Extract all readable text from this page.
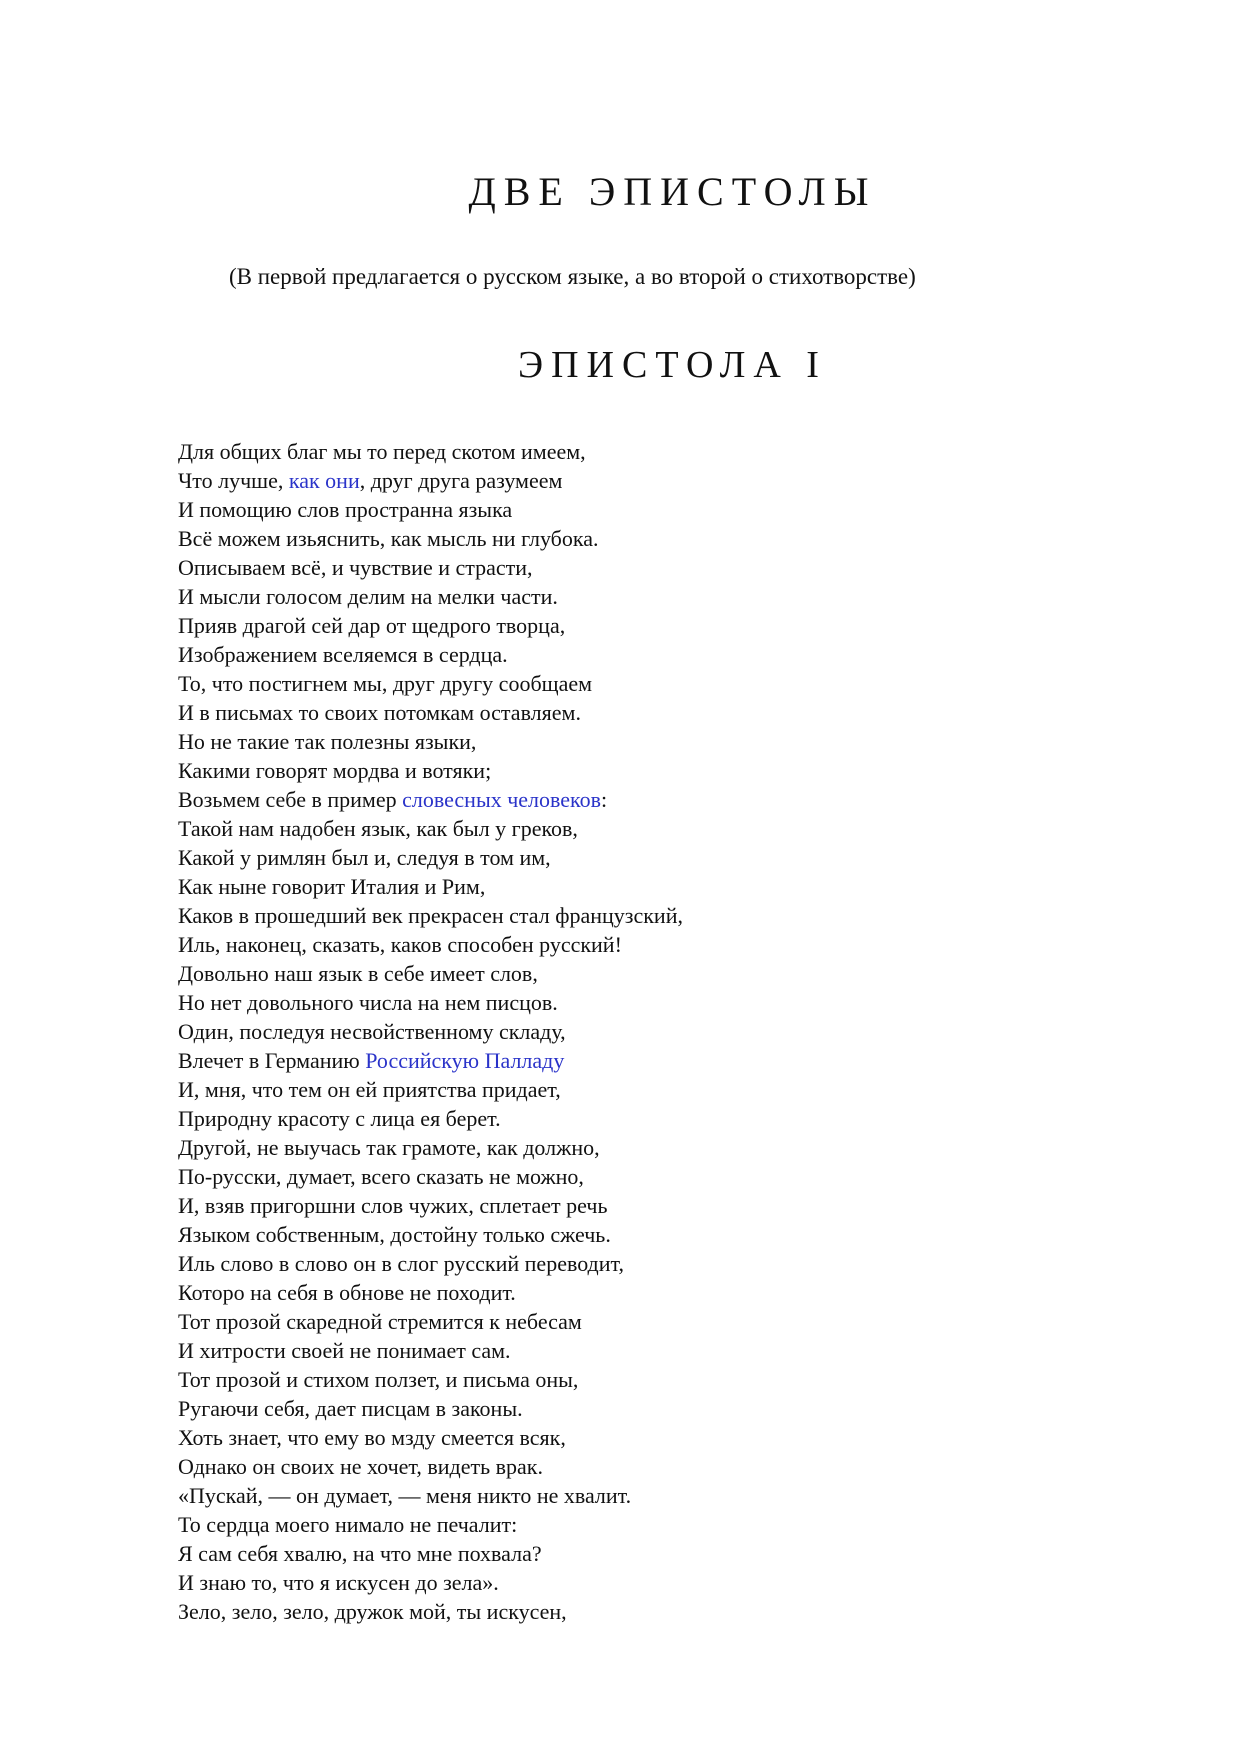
ДВЕ ЭПИСТОЛЫ

(В первой предлагается о русском языке, а во второй о стихотворстве)

ЭПИСТОЛА I
Для общих благ мы то перед скотом имеем,
Что лучше, как они, друг друга разумеем
И помощию слов пространна языка
Всё можем изьяснить, как мысль ни глубока.
Описываем всё, и чувствие и страсти,
И мысли голосом делим на мелки части.
Прияв драгой сей дар от щедрого творца,
Изображением вселяемся в сердца.
То, что постигнем мы, друг другу сообщаем
И в письмах то своих потомкам оставляем.
Но не такие так полезны языки,
Какими говорят мордва и вотяки;
Возьмем себе в пример словесных человеков:
Такой нам надобен язык, как был у греков,
Какой у римлян был и, следуя в том им,
Как ныне говорит Италия и Рим,
Каков в прошедший век прекрасен стал французский,
Иль, наконец, сказать, каков способен русский!
Довольно наш язык в себе имеет слов,
Но нет довольного числа на нем писцов.
Один, последуя несвойственному складу,
Влечет в Германию Российскую Палладу
И, мня, что тем он ей приятства придает,
Природну красоту с лица ея берет.
Другой, не выучась так грамоте, как должно,
По-русски, думает, всего сказать не можно,
И, взяв пригоршни слов чужих, сплетает речь
Языком собственным, достойну только сжечь.
Иль слово в слово он в слог русский переводит,
Которо на себя в обнове не походит.
Тот прозой скаредной стремится к небесам
И хитрости своей не понимает сам.
Тот прозой и стихом ползет, и письма оны,
Ругаючи себя, дает писцам в законы.
Хоть знает, что ему во мзду смеется всяк,
Однако он своих не хочет, видеть врак.
«Пускай, — он думает, — меня никто не хвалит.
То сердца моего нимало не печалит:
Я сам себя хвалю, на что мне похвала?
И знаю то, что я искусен до зела».
Зело, зело, зело, дружок мой, ты искусен,
